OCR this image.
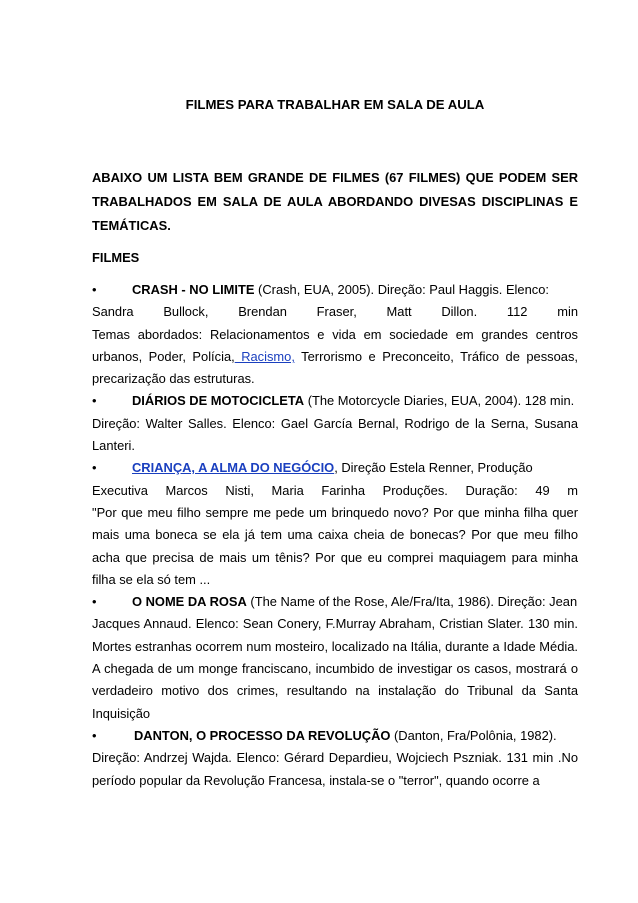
FILMES PARA TRABALHAR EM SALA DE AULA
ABAIXO UM LISTA BEM GRANDE DE FILMES (67 FILMES) QUE PODEM SER TRABALHADOS EM SALA DE AULA ABORDANDO DIVESAS DISCIPLINAS E TEMÁTICAS.
FILMES

•	CRASH - NO LIMITE (Crash, EUA, 2005). Direção: Paul Haggis. Elenco:

Sandra Bullock, Brendan Fraser, Matt Dillon. 112 min

Temas abordados: Relacionamentos e vida em sociedade em grandes centros urbanos, Poder, Polícia, Racismo, Terrorismo e Preconceito, Tráfico de pessoas, precarização das estruturas.

•	DIÁRIOS DE MOTOCICLETA (The Motorcycle Diaries, EUA, 2004). 128 min.

Direção: Walter Salles. Elenco: Gael García Bernal, Rodrigo de la Serna, Susana Lanteri.

•	CRIANÇA, A ALMA DO NEGÓCIO, Direção Estela Renner, Produção

Executiva Marcos Nisti, Maria Farinha Produções. Duração: 49 m

"Por que meu filho sempre me pede um brinquedo novo? Por que minha filha quer mais uma boneca se ela já tem uma caixa cheia de bonecas? Por que meu filho acha que precisa de mais um tênis? Por que eu comprei maquiagem para minha filha se ela só tem ...

•	O NOME DA ROSA (The Name of the Rose, Ale/Fra/Ita, 1986). Direção: Jean

Jacques Annaud. Elenco: Sean Conery, F.Murray Abraham, Cristian Slater. 130 min. Mortes estranhas ocorrem num mosteiro, localizado na Itália, durante a Idade Média. A chegada de um monge franciscano, incumbido de investigar os casos, mostrará o verdadeiro motivo dos crimes, resultando na instalação do Tribunal da Santa Inquisição

•	DANTON, O PROCESSO DA REVOLUÇÃO (Danton, Fra/Polônia, 1982).

Direção: Andrzej Wajda. Elenco: Gérard Depardieu, Wojciech Pszniak. 131 min .No período popular da Revolução Francesa, instala-se o "terror", quando ocorre a
